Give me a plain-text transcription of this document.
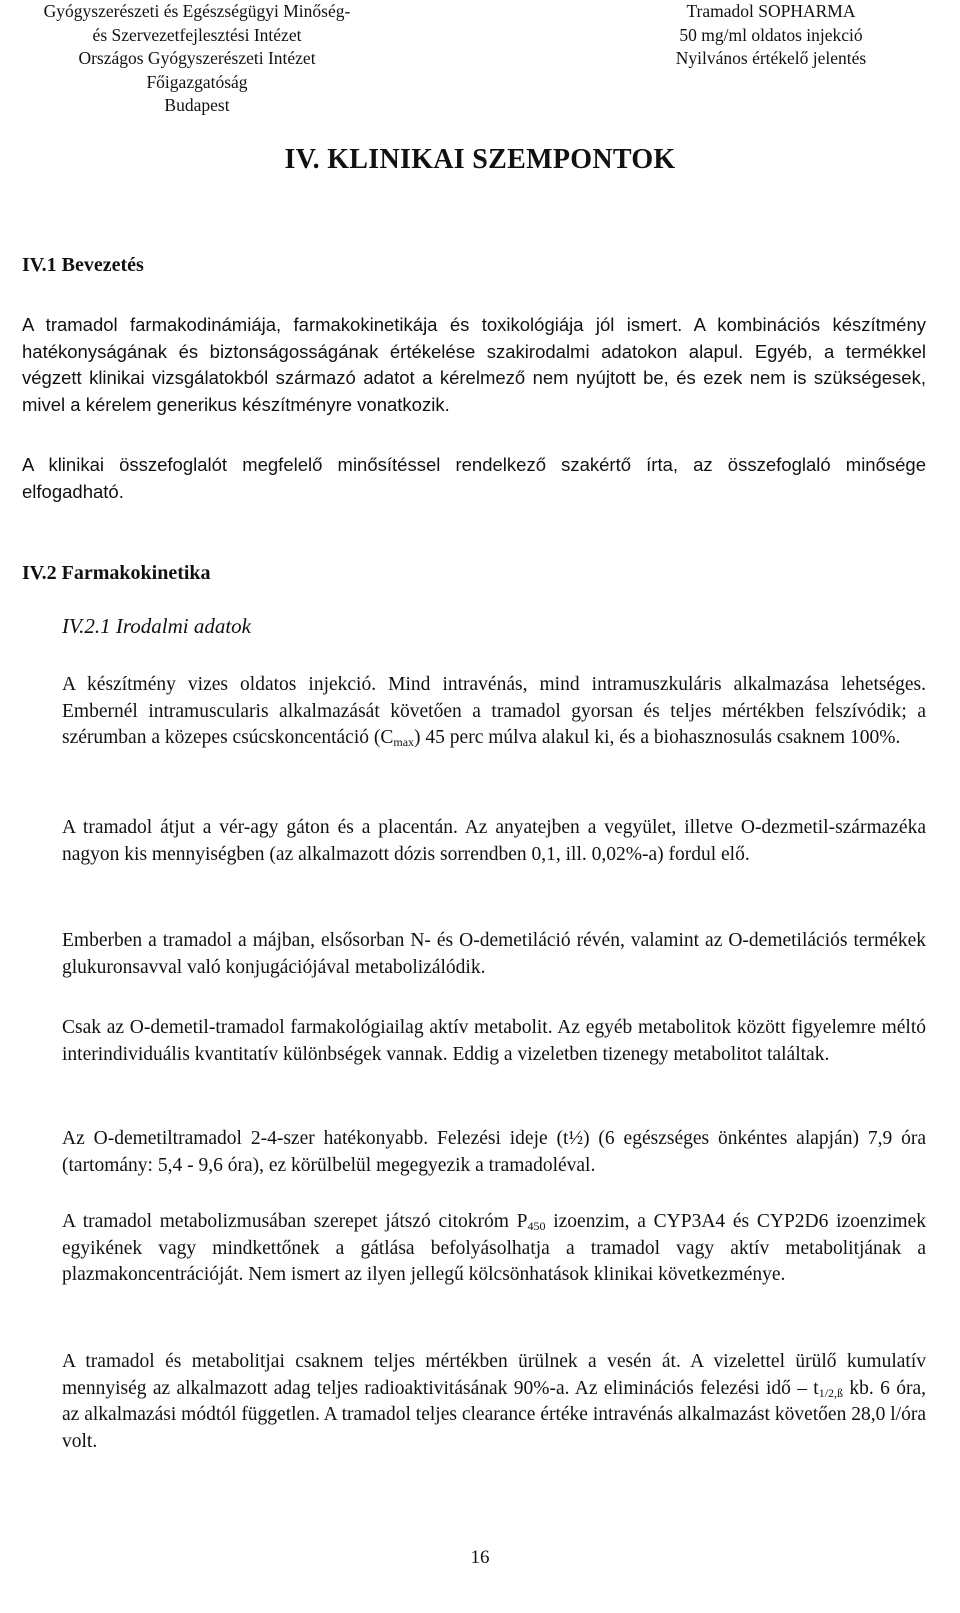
Gyógyszerészeti és Egészségügyi Minőség-
és Szervezetfejlesztési Intézet
Országos Gyógyszerészeti Intézet
Főigazgatóság
Budapest
Tramadol SOPHARMA
50 mg/ml oldatos injekció
Nyilvános értékelő jelentés
IV. KLINIKAI SZEMPONTOK
IV.1 Bevezetés

A tramadol farmakodinámiája, farmakokinetikája és toxikológiája jól ismert. A kombinációs készítmény hatékonyságának és biztonságosságának értékelése szakirodalmi adatokon alapul. Egyéb, a termékkel végzett klinikai vizsgálatokból származó adatot a kérelmező nem nyújtott be, és ezek nem is szükségesek, mivel a kérelem generikus készítményre vonatkozik.

A klinikai összefoglalót megfelelő minősítéssel rendelkező szakértő írta, az összefoglaló minősége elfogadható.

IV.2 Farmakokinetika
IV.2.1 Irodalmi adatok

A készítmény vizes oldatos injekció. Mind intravénás, mind intramuszkuláris alkalmazása lehetséges. Embernél intramuscularis alkalmazását követően a tramadol gyorsan és teljes mértékben felszívódik; a szérumban a közepes csúcskoncentáció $(C_{max})$ 45 perc múlva alakul ki, és a biohasznosulás csaknem 100%.

A tramadol átjut a vér-agy gáton és a placentán. Az anyatejben a vegyület, illetve O-dezmetil-származéka nagyon kis mennyiségben (az alkalmazott dózis sorrendben 0,1, ill. 0,02%-a) fordul elő.

Emberben a tramadol a májban, elsősorban N- és O-demetiláció révén, valamint az O-demetilációs termékek glukuronsavval való konjugációjával metabolizálódik.

Csak az O-demetil-tramadol farmakológiailag aktív metabolit. Az egyéb metabolitok között figyelemre méltó interindividuális kvantitatív különbségek vannak. Eddig a vizeletben tizenegy metabolitot találtak.

Az O-demetiltramadol 2-4-szer hatékonyabb. Felezési ideje (t½) (6 egészséges önkéntes alapján) 7,9 óra (tartomány: 5,4 - 9,6 óra), ez körülbelül megegyezik a tramadoléval.

A tramadol metabolizmusában szerepet játszó citokróm $P_{450}$ izoenzim, a CYP3A4 és CYP2D6 izoenzimek egyikének vagy mindkettőnek a gátlása befolyásolhatja a tramadol vagy aktív metabolitjának a plazmakoncentrációját. Nem ismert az ilyen jellegű kölcsönhatások klinikai következménye.

A tramadol és metabolitjai csaknem teljes mértékben ürülnek a vesén át. A vizelettel ürülő kumulatív mennyiség az alkalmazott adag teljes radioaktivitásának 90%-a. Az eliminációs felezési idő – $t_{1/2,ß}$ kb. 6 óra, az alkalmazási módtól független. A tramadol teljes clearance értéke intravénás alkalmazást követően 28,0 l/óra volt.

16
